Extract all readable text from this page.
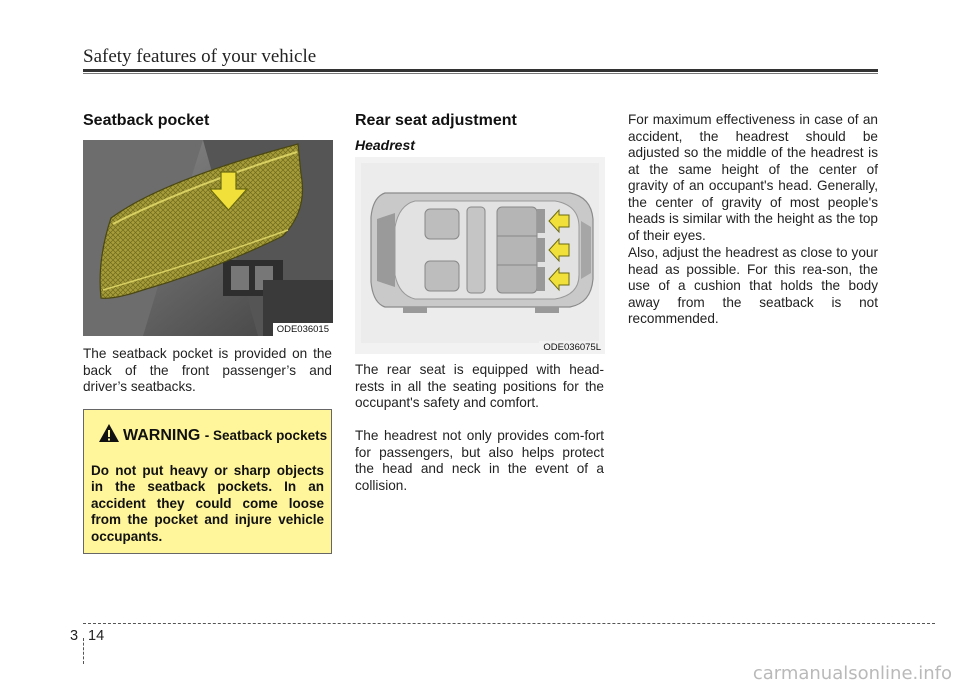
Safety features of your vehicle
Seatback pocket
ODE036015

The seatback pocket is provided on the back of the front passenger’s and driver’s seatbacks.

WARNING - Seatback pockets

Do not put heavy or sharp objects in the seatback pockets. In an accident they could come loose from the pocket and injure vehicle occupants.

Rear seat adjustment

Headrest

ODE036075L

The rear seat is equipped with head-rests in all the seating positions for the occupant's safety and comfort.

The headrest not only provides com-fort for passengers, but also helps protect the head and neck in the event of a collision.

For maximum effectiveness in case of an accident, the headrest should be adjusted so the middle of the headrest is at the same height of the center of gravity of an occupant's head. Generally, the center of gravity of most people's heads is similar with the height as the top of their eyes.

Also, adjust the headrest as close to your head as possible. For this rea-son, the use of a cushion that holds the body away from the seatback is not recommended.

3 14
carmanualsonline.info
